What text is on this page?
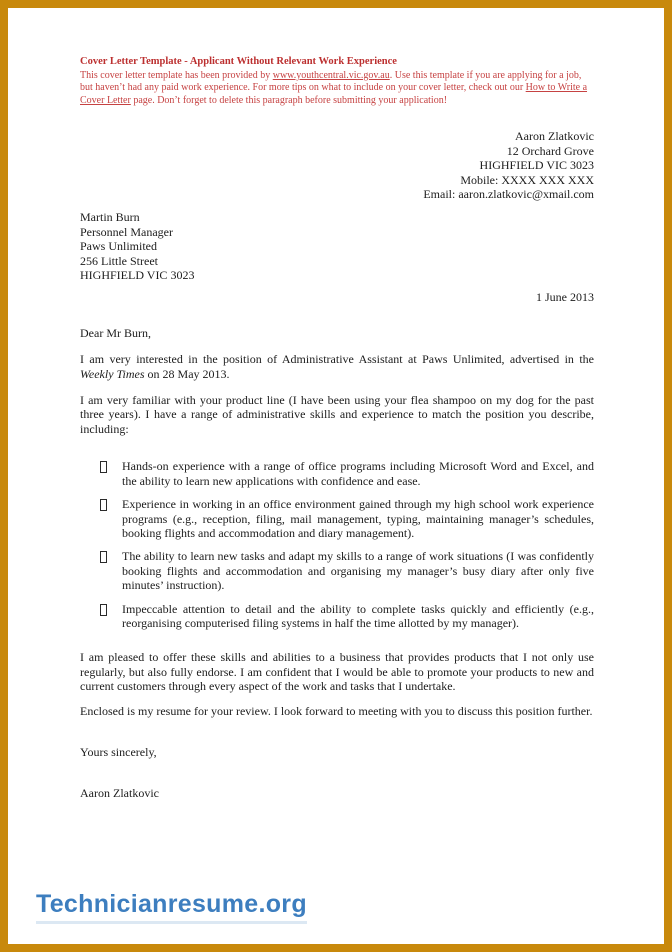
Cover Letter Template - Applicant Without Relevant Work Experience
This cover letter template has been provided by www.youthcentral.vic.gov.au. Use this template if you are applying for a job, but haven’t had any paid work experience. For more tips on what to include on your cover letter, check out our How to Write a Cover Letter page. Don’t forget to delete this paragraph before submitting your application!
Aaron Zlatkovic
12 Orchard Grove
HIGHFIELD VIC 3023
Mobile: XXXX XXX XXX
Email: aaron.zlatkovic@xmail.com
Martin Burn
Personnel Manager
Paws Unlimited
256 Little Street
HIGHFIELD VIC 3023
1 June 2013
Dear Mr Burn,
I am very interested in the position of Administrative Assistant at Paws Unlimited, advertised in the Weekly Times on 28 May 2013.
I am very familiar with your product line (I have been using your flea shampoo on my dog for the past three years). I have a range of administrative skills and experience to match the position you describe, including:
Hands-on experience with a range of office programs including Microsoft Word and Excel, and the ability to learn new applications with confidence and ease.
Experience in working in an office environment gained through my high school work experience programs (e.g., reception, filing, mail management, typing, maintaining manager’s schedules, booking flights and accommodation and diary management).
The ability to learn new tasks and adapt my skills to a range of work situations (I was confidently booking flights and accommodation and organising my manager’s busy diary after only five minutes’ instruction).
Impeccable attention to detail and the ability to complete tasks quickly and efficiently (e.g., reorganising computerised filing systems in half the time allotted by my manager).
I am pleased to offer these skills and abilities to a business that provides products that I not only use regularly, but also fully endorse. I am confident that I would be able to promote your products to new and current customers through every aspect of the work and tasks that I undertake.
Enclosed is my resume for your review. I look forward to meeting with you to discuss this position further.
Yours sincerely,
Aaron Zlatkovic
Technicianresume.org
